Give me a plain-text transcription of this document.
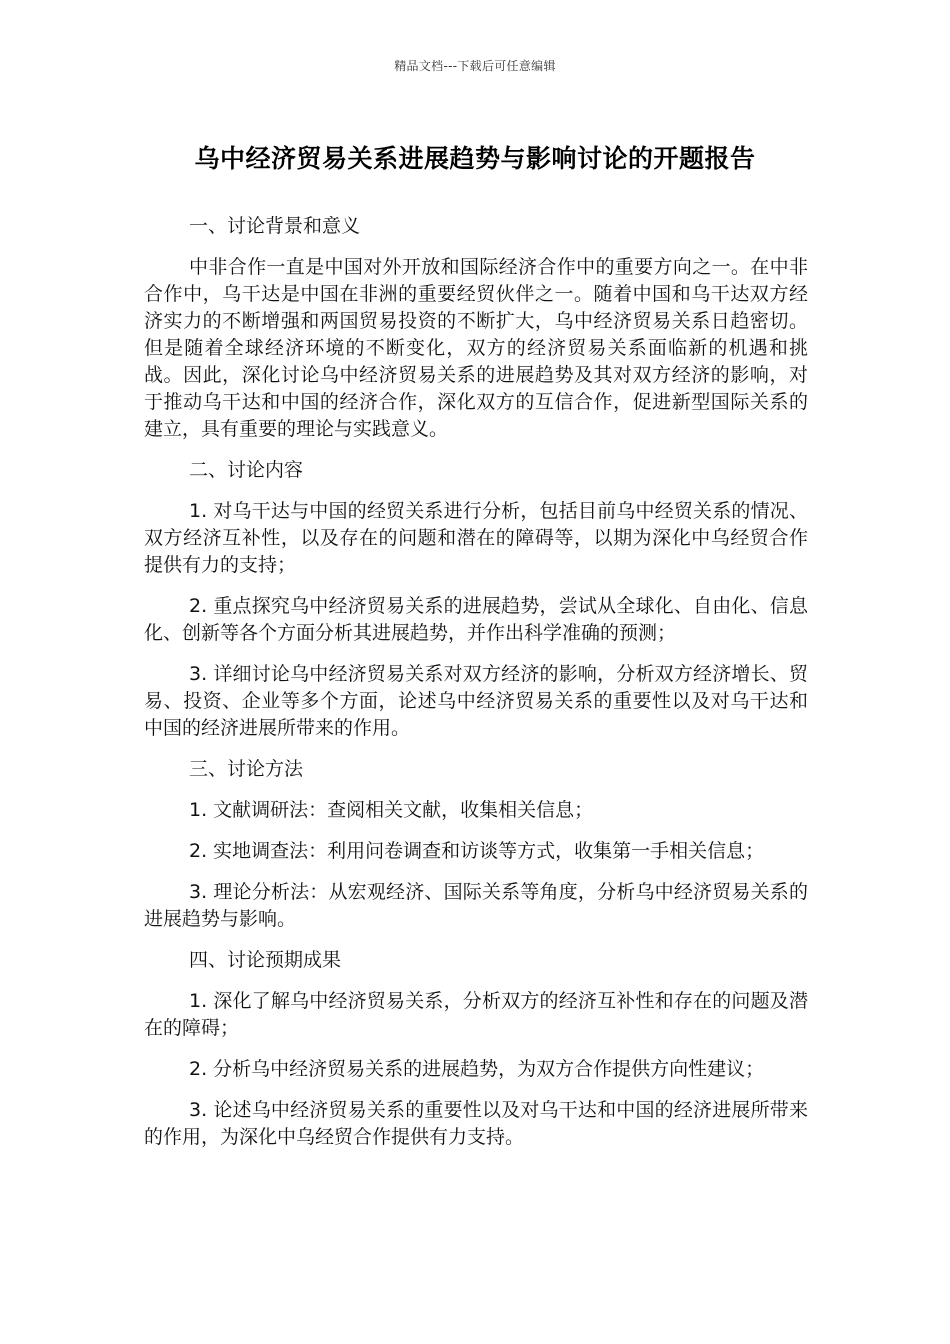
精品文档---下载后可任意编辑
乌中经济贸易关系进展趋势与影响讨论的开题报告

一、讨论背景和意义

中非合作一直是中国对外开放和国际经济合作中的重要方向之一。在中非合作中，乌干达是中国在非洲的重要经贸伙伴之一。随着中国和乌干达双方经济实力的不断增强和两国贸易投资的不断扩大，乌中经济贸易关系日趋密切。但是随着全球经济环境的不断变化，双方的经济贸易关系面临新的机遇和挑战。因此，深化讨论乌中经济贸易关系的进展趋势及其对双方经济的影响，对于推动乌干达和中国的经济合作，深化双方的互信合作，促进新型国际关系的建立，具有重要的理论与实践意义。

二、讨论内容

1. 对乌干达与中国的经贸关系进行分析，包括目前乌中经贸关系的情况、双方经济互补性，以及存在的问题和潜在的障碍等，以期为深化中乌经贸合作提供有力的支持；

2. 重点探究乌中经济贸易关系的进展趋势，尝试从全球化、自由化、信息化、创新等各个方面分析其进展趋势，并作出科学准确的预测；

3. 详细讨论乌中经济贸易关系对双方经济的影响，分析双方经济增长、贸易、投资、企业等多个方面，论述乌中经济贸易关系的重要性以及对乌干达和中国的经济进展所带来的作用。

三、讨论方法

1. 文献调研法：查阅相关文献，收集相关信息；

2. 实地调查法：利用问卷调查和访谈等方式，收集第一手相关信息；

3. 理论分析法：从宏观经济、国际关系等角度，分析乌中经济贸易关系的进展趋势与影响。

四、讨论预期成果

1. 深化了解乌中经济贸易关系，分析双方的经济互补性和存在的问题及潜在的障碍；

2. 分析乌中经济贸易关系的进展趋势，为双方合作提供方向性建议；

3. 论述乌中经济贸易关系的重要性以及对乌干达和中国的经济进展所带来的作用，为深化中乌经贸合作提供有力支持。
